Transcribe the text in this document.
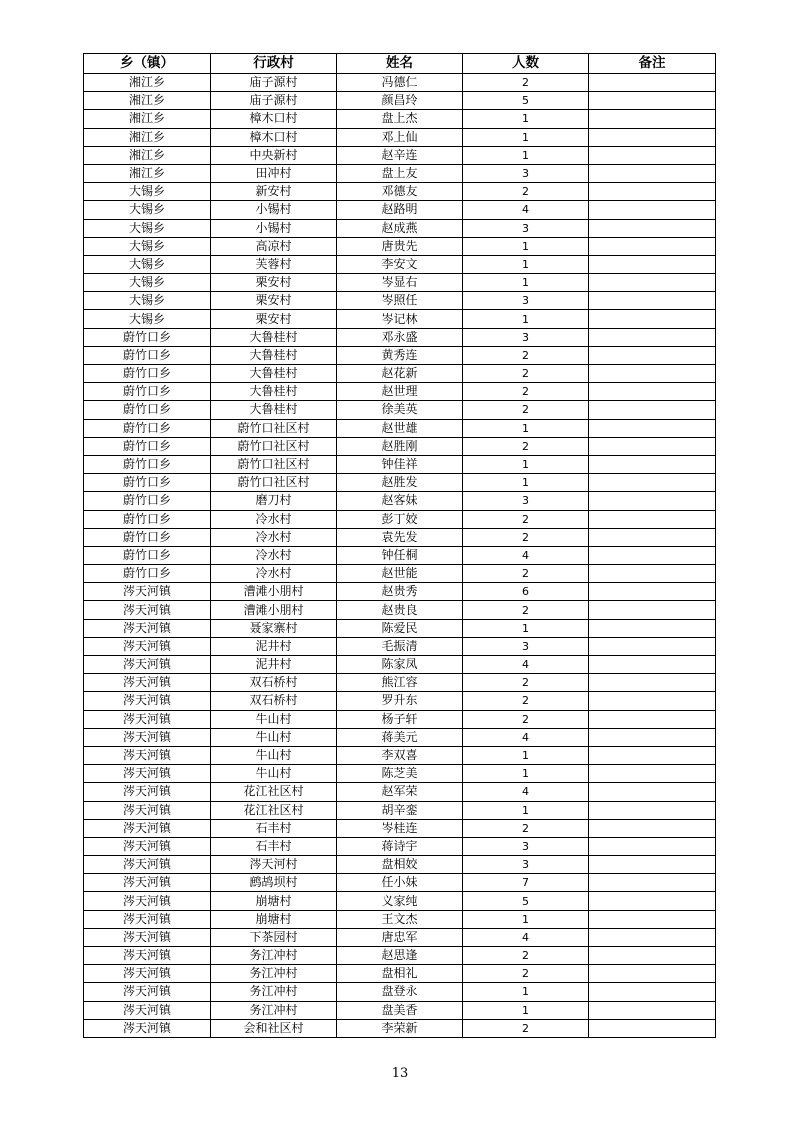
乡（镇）	行政村	姓名	人数	备注
湘江乡	庙子源村	冯德仁	2	
湘江乡	庙子源村	颜昌玲	5	
湘江乡	樟木口村	盘上杰	1	
湘江乡	樟木口村	邓上仙	1	
湘江乡	中央新村	赵辛连	1	
湘江乡	田冲村	盘上友	3	
大锡乡	新安村	邓德友	2	
大锡乡	小锡村	赵路明	4	
大锡乡	小锡村	赵成燕	3	
大锡乡	高凉村	唐贵先	1	
大锡乡	芙蓉村	李安文	1	
大锡乡	栗安村	岑显右	1	
大锡乡	栗安村	岑照任	3	
大锡乡	栗安村	岑记林	1	
蔚竹口乡	大鲁桂村	邓永盛	3	
蔚竹口乡	大鲁桂村	黄秀连	2	
蔚竹口乡	大鲁桂村	赵花新	2	
蔚竹口乡	大鲁桂村	赵世理	2	
蔚竹口乡	大鲁桂村	徐美英	2	
蔚竹口乡	蔚竹口社区村	赵世雄	1	
蔚竹口乡	蔚竹口社区村	赵胜刚	2	
蔚竹口乡	蔚竹口社区村	钟佳祥	1	
蔚竹口乡	蔚竹口社区村	赵胜发	1	
蔚竹口乡	磨刀村	赵客妹	3	
蔚竹口乡	冷水村	彭丁姣	2	
蔚竹口乡	冷水村	袁先发	2	
蔚竹口乡	冷水村	钟任桐	4	
蔚竹口乡	冷水村	赵世能	2	
涔天河镇	漕滩小朋村	赵贵秀	6	
涔天河镇	漕滩小朋村	赵贵良	2	
涔天河镇	聂家寨村	陈爱民	1	
涔天河镇	泥井村	毛振清	3	
涔天河镇	泥井村	陈家凤	4	
涔天河镇	双石桥村	熊江容	2	
涔天河镇	双石桥村	罗升东	2	
涔天河镇	牛山村	杨子轩	2	
涔天河镇	牛山村	蒋美元	4	
涔天河镇	牛山村	李双喜	1	
涔天河镇	牛山村	陈芝美	1	
涔天河镇	花江社区村	赵军荣	4	
涔天河镇	花江社区村	胡辛銮	1	
涔天河镇	石丰村	岑桂连	2	
涔天河镇	石丰村	蒋诗宇	3	
涔天河镇	涔天河村	盘相姣	3	
涔天河镇	鹧鸪坝村	任小妹	7	
涔天河镇	崩塘村	义家纯	5	
涔天河镇	崩塘村	王文杰	1	
涔天河镇	下茶园村	唐忠军	4	
涔天河镇	务江冲村	赵思逢	2	
涔天河镇	务江冲村	盘相礼	2	
涔天河镇	务江冲村	盘登永	1	
涔天河镇	务江冲村	盘美香	1	
涔天河镇	会和社区村	李荣新	2	
13
